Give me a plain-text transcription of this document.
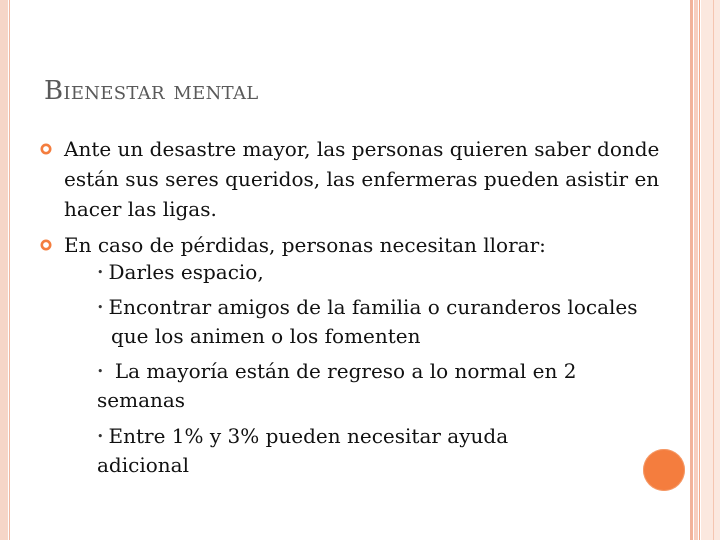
Bienestar mental
Ante un desastre mayor, las personas quieren saber donde están sus seres queridos, las enfermeras pueden asistir en hacer las ligas.
En caso de pérdidas, personas necesitan llorar:
• Darles espacio,
• Encontrar amigos de la familia o curanderos locales que los animen o los fomenten
• La mayoría están de regreso a lo normal en 2 semanas
• Entre 1% y 3% pueden necesitar ayuda adicional
